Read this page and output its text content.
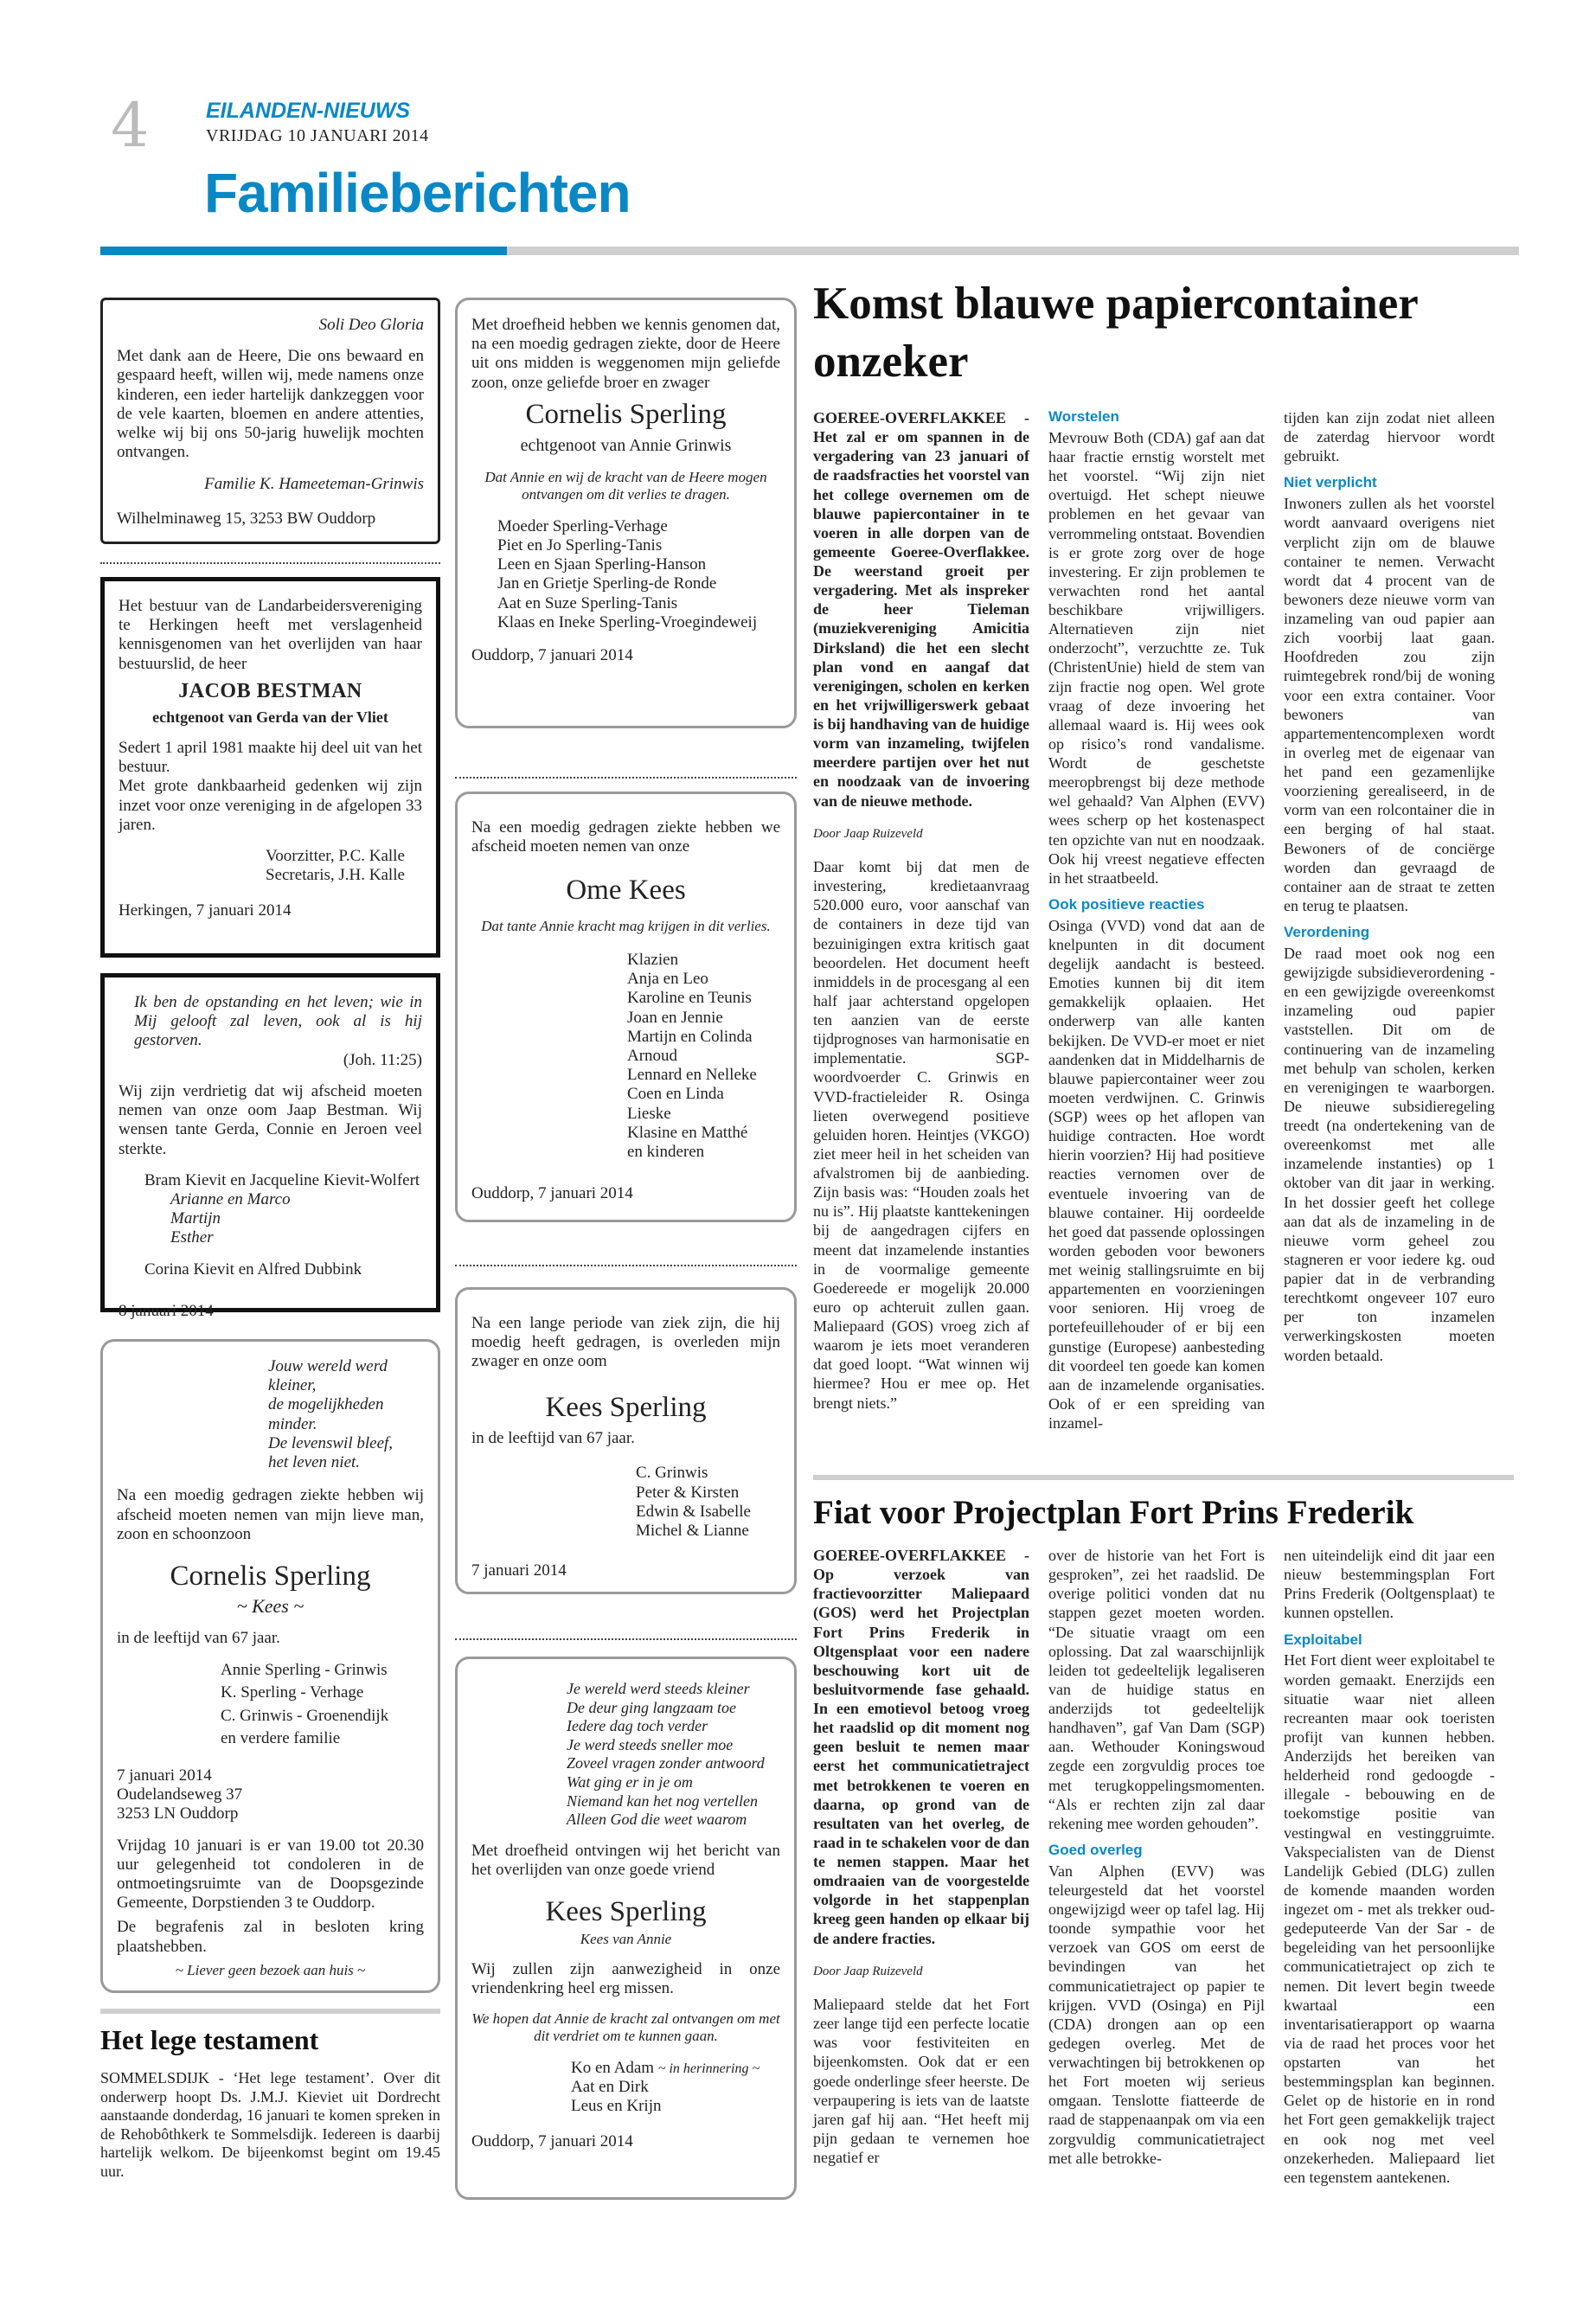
4	EILANDEN-NIEUWS
VRIJDAG 10 JANUARI 2014
Familieberichten

Soli Deo Gloria

Met dank aan de Heere, Die ons bewaard en gespaard heeft, willen wij, mede namens onze kinderen, een ieder hartelijk dankzeggen voor de vele kaarten, bloemen en andere attenties, welke wij bij ons 50-jarig huwelijk mochten ontvangen.

Familie K. Hameeteman-Grinwis

Wilhelminaweg 15, 3253 BW Ouddorp

Het bestuur van de Landarbeidersvereniging te Herkingen heeft met verslagenheid kennisgenomen van het overlijden van haar bestuurslid, de heer

JACOB BESTMAN

echtgenoot van Gerda van der Vliet

Sedert 1 april 1981 maakte hij deel uit van het bestuur.

Met grote dankbaarheid gedenken wij zijn inzet voor onze vereniging in de afgelopen 33 jaren.

Voorzitter, P.C. Kalle

Secretaris, J.H. Kalle

Herkingen, 7 januari 2014

Ik ben de opstanding en het leven; wie in Mij gelooft zal leven, ook al is hij gestorven.

(Joh. 11:25)

Wij zijn verdrietig dat wij afscheid moeten nemen van onze oom Jaap Bestman. Wij wensen tante Gerda, Connie en Jeroen veel sterkte.

Bram Kievit en Jacqueline Kievit-Wolfert

Arianne en Marco
Martijn
Esther

Corina Kievit en Alfred Dubbink

8 januari 2014

Jouw wereld werd kleiner,
de mogelijkheden minder.
De levenswil bleef,
het leven niet.

Na een moedig gedragen ziekte hebben wij afscheid moeten nemen van mijn lieve man, zoon en schoonzoon

Cornelis Sperling

~ Kees ~

in de leeftijd van 67 jaar.

Annie Sperling - Grinwis
K. Sperling - Verhage
C. Grinwis - Groenendijk
en verdere familie
7 januari 2014
Oudelandseweg 37
3253 LN Ouddorp

Vrijdag 10 januari is er van 19.00 tot 20.30 uur gelegenheid tot condoleren in de ontmoetingsruimte van de Doopsgezinde Gemeente, Dorpstienden 3 te Ouddorp.

De begrafenis zal in besloten kring plaatshebben.

~ Liever geen bezoek aan huis ~

Het lege testament
SOMMELSDIJK - ‘Het lege testament’. Over dit onderwerp hoopt Ds. J.M.J. Kieviet uit Dordrecht aanstaande donderdag, 16 januari te komen spreken in de Rehobôthkerk te Sommelsdijk. Iedereen is daarbij hartelijk welkom. De bijeenkomst begint om 19.45 uur.

Met droefheid hebben we kennis genomen dat, na een moedig gedragen ziekte, door de Heere uit ons midden is weggenomen mijn geliefde zoon, onze geliefde broer en zwager

Cornelis Sperling

echtgenoot van Annie Grinwis

Dat Annie en wij de kracht van de Heere mogen ontvangen om dit verlies te dragen.

Moeder Sperling-Verhage
Piet en Jo Sperling-Tanis
Leen en Sjaan Sperling-Hanson
Jan en Grietje Sperling-de Ronde
Aat en Suze Sperling-Tanis
Klaas en Ineke Sperling-Vroegindeweij

Ouddorp, 7 januari 2014

Na een moedig gedragen ziekte hebben we afscheid moeten nemen van onze

Ome Kees

Dat tante Annie kracht mag krijgen in dit verlies.

Klazien
Anja en Leo
Karoline en Teunis
Joan en Jennie
Martijn en Colinda
Arnoud
Lennard en Nelleke
Coen en Linda
Lieske
Klasine en Matthé
en kinderen

Ouddorp, 7 januari 2014

Na een lange periode van ziek zijn, die hij moedig heeft gedragen, is overleden mijn zwager en onze oom

Kees Sperling

in de leeftijd van 67 jaar.

C. Grinwis
Peter & Kirsten
Edwin & Isabelle
Michel & Lianne

7 januari 2014

Je wereld werd steeds kleiner
De deur ging langzaam toe
Iedere dag toch verder
Je werd steeds sneller moe
Zoveel vragen zonder antwoord
Wat ging er in je om
Niemand kan het nog vertellen
Alleen God die weet waarom

Met droefheid ontvingen wij het bericht van het overlijden van onze goede vriend

Kees Sperling

Kees van Annie

Wij zullen zijn aanwezigheid in onze vriendenkring heel erg missen.

We hopen dat Annie de kracht zal ontvangen om met dit verdriet om te kunnen gaan.

Ko en Adam ~ in herinnering ~
Aat en Dirk
Leus en Krijn

Ouddorp, 7 januari 2014

Komst blauwe papiercontainer onzeker

GOEREE-OVERFLAKKEE - Het zal er om spannen in de vergadering van 23 januari of de raadsfracties het voorstel van het college overnemen om de blauwe papiercontainer in te voeren in alle dorpen van de gemeente Goeree-Overflakkee. De weerstand groeit per vergadering. Met als inspreker de heer Tieleman (muziekvereniging Amicitia Dirksland) die het een slecht plan vond en aangaf dat verenigingen, scholen en kerken en het vrijwilligerswerk gebaat is bij handhaving van de huidige vorm van inzameling, twijfelen meerdere partijen over het nut en noodzaak van de invoering van de nieuwe methode.

Door Jaap Ruizeveld

Daar komt bij dat men de investering, kredietaanvraag 520.000 euro, voor aanschaf van de containers in deze tijd van bezuinigingen extra kritisch gaat beoordelen. Het document heeft inmiddels in de procesgang al een half jaar achterstand opgelopen ten aanzien van de eerste tijdprognoses van harmonisatie en implementatie. SGP-woordvoerder C. Grinwis en VVD-fractieleider R. Osinga lieten overwegend positieve geluiden horen. Heintjes (VKGO) ziet meer heil in het scheiden van afvalstromen bij de aanbieding. Zijn basis was: “Houden zoals het nu is”. Hij plaatste kanttekeningen bij de aangedragen cijfers en meent dat inzamelende instanties in de voormalige gemeente Goedereede er mogelijk 20.000 euro op achteruit zullen gaan. Maliepaard (GOS) vroeg zich af waarom je iets moet veranderen dat goed loopt. “Wat winnen wij hiermee? Hou er mee op. Het brengt niets.”

Worstelen

Mevrouw Both (CDA) gaf aan dat haar fractie ernstig worstelt met het voorstel. “Wij zijn niet overtuigd. Het schept nieuwe problemen en het gevaar van verrommeling ontstaat. Bovendien is er grote zorg over de hoge investering. Er zijn problemen te verwachten rond het aantal beschikbare vrijwilligers. Alternatieven zijn niet onderzocht”, verzuchtte ze. Tuk (ChristenUnie) hield de stem van zijn fractie nog open. Wel grote vraag of deze invoering het allemaal waard is. Hij wees ook op risico’s rond vandalisme. Wordt de geschetste meeropbrengst bij deze methode wel gehaald? Van Alphen (EVV) wees scherp op het kostenaspect ten opzichte van nut en noodzaak. Ook hij vreest negatieve effecten in het straatbeeld.

Ook positieve reacties

Osinga (VVD) vond dat aan de knelpunten in dit document degelijk aandacht is besteed. Emoties kunnen bij dit item gemakkelijk oplaaien. Het onderwerp van alle kanten bekijken. De VVD-er moet er niet aandenken dat in Middelharnis de blauwe papiercontainer weer zou moeten verdwijnen. C. Grinwis (SGP) wees op het aflopen van huidige contracten. Hoe wordt hierin voorzien? Hij had positieve reacties vernomen over de eventuele invoering van de blauwe container. Hij oordeelde het goed dat passende oplossingen worden geboden voor bewoners met weinig stallingsruimte en bij appartementen en voorzieningen voor senioren. Hij vroeg de portefeuillehouder of er bij een gunstige (Europese) aanbesteding dit voordeel ten goede kan komen aan de inzamelende organisaties. Ook of er een spreiding van inzamel-

tijden kan zijn zodat niet alleen de zaterdag hiervoor wordt gebruikt.

Niet verplicht

Inwoners zullen als het voorstel wordt aanvaard overigens niet verplicht zijn om de blauwe container te nemen. Verwacht wordt dat 4 procent van de bewoners deze nieuwe vorm van inzameling van oud papier aan zich voorbij laat gaan. Hoofdreden zou zijn ruimtegebrek rond/bij de woning voor een extra container. Voor bewoners van appartementencomplexen wordt in overleg met de eigenaar van het pand een gezamenlijke voorziening gerealiseerd, in de vorm van een rolcontainer die in een berging of hal staat. Bewoners of de conciërge worden dan gevraagd de container aan de straat te zetten en terug te plaatsen.

Verordening

De raad moet ook nog een gewijzigde subsidieverordening - en een gewijzigde overeenkomst inzameling oud papier vaststellen. Dit om de continuering van de inzameling met behulp van scholen, kerken en verenigingen te waarborgen. De nieuwe subsidieregeling treedt (na ondertekening van de overeenkomst met alle inzamelende instanties) op 1 oktober van dit jaar in werking. In het dossier geeft het college aan dat als de inzameling in de nieuwe vorm geheel zou stagneren er voor iedere kg. oud papier dat in de verbranding terechtkomt ongeveer 107 euro per ton inzamelen verwerkingskosten moeten worden betaald.

Fiat voor Projectplan Fort Prins Frederik

GOEREE-OVERFLAKKEE - Op verzoek van fractievoorzitter Maliepaard (GOS) werd het Projectplan Fort Prins Frederik in Oltgensplaat voor een nadere beschouwing kort uit de besluitvormende fase gehaald. In een emotievol betoog vroeg het raadslid op dit moment nog geen besluit te nemen maar eerst het communicatietraject met betrokkenen te voeren en daarna, op grond van de resultaten van het overleg, de raad in te schakelen voor de dan te nemen stappen. Maar het omdraaien van de voorgestelde volgorde in het stappenplan kreeg geen handen op elkaar bij de andere fracties.

Door Jaap Ruizeveld

Maliepaard stelde dat het Fort zeer lange tijd een perfecte locatie was voor festiviteiten en bijeenkomsten. Ook dat er een goede onderlinge sfeer heerste. De verpaupering is iets van de laatste jaren gaf hij aan. “Het heeft mij pijn gedaan te vernemen hoe negatief er

over de historie van het Fort is gesproken”, zei het raadslid. De overige politici vonden dat nu stappen gezet moeten worden. “De situatie vraagt om een oplossing. Dat zal waarschijnlijk leiden tot gedeeltelijk legaliseren van de huidige status en anderzijds tot gedeeltelijk handhaven”, gaf Van Dam (SGP) aan. Wethouder Koningswoud zegde een zorgvuldig proces toe met terugkoppelingsmomenten. “Als er rechten zijn zal daar rekening mee worden gehouden”.

Goed overleg

Van Alphen (EVV) was teleurgesteld dat het voorstel ongewijzigd weer op tafel lag. Hij toonde sympathie voor het verzoek van GOS om eerst de bevindingen van het communicatietraject op papier te krijgen. VVD (Osinga) en Pijl (CDA) drongen aan op een gedegen overleg. Met de verwachtingen bij betrokkenen op het Fort moeten wij serieus omgaan. Tenslotte fiatteerde de raad de stappenaanpak om via een zorgvuldig communicatietraject met alle betrokke-

nen uiteindelijk eind dit jaar een nieuw bestemmingsplan Fort Prins Frederik (Ooltgensplaat) te kunnen opstellen.

Exploitabel

Het Fort dient weer exploitabel te worden gemaakt. Enerzijds een situatie waar niet alleen recreanten maar ook toeristen profijt van kunnen hebben. Anderzijds het bereiken van helderheid rond gedoogde - illegale - bebouwing en de toekomstige positie van vestingwal en vestinggruimte. Vakspecialisten van de Dienst Landelijk Gebied (DLG) zullen de komende maanden worden ingezet om - met als trekker oud-gedeputeerde Van der Sar - de begeleiding van het persoonlijke communicatietraject op zich te nemen. Dit levert begin tweede kwartaal een inventarisatierapport op waarna via de raad het proces voor het opstarten van het bestemmingsplan kan beginnen. Gelet op de historie en in rond het Fort geen gemakkelijk traject en ook nog met veel onzekerheden. Maliepaard liet een tegenstem aantekenen.
